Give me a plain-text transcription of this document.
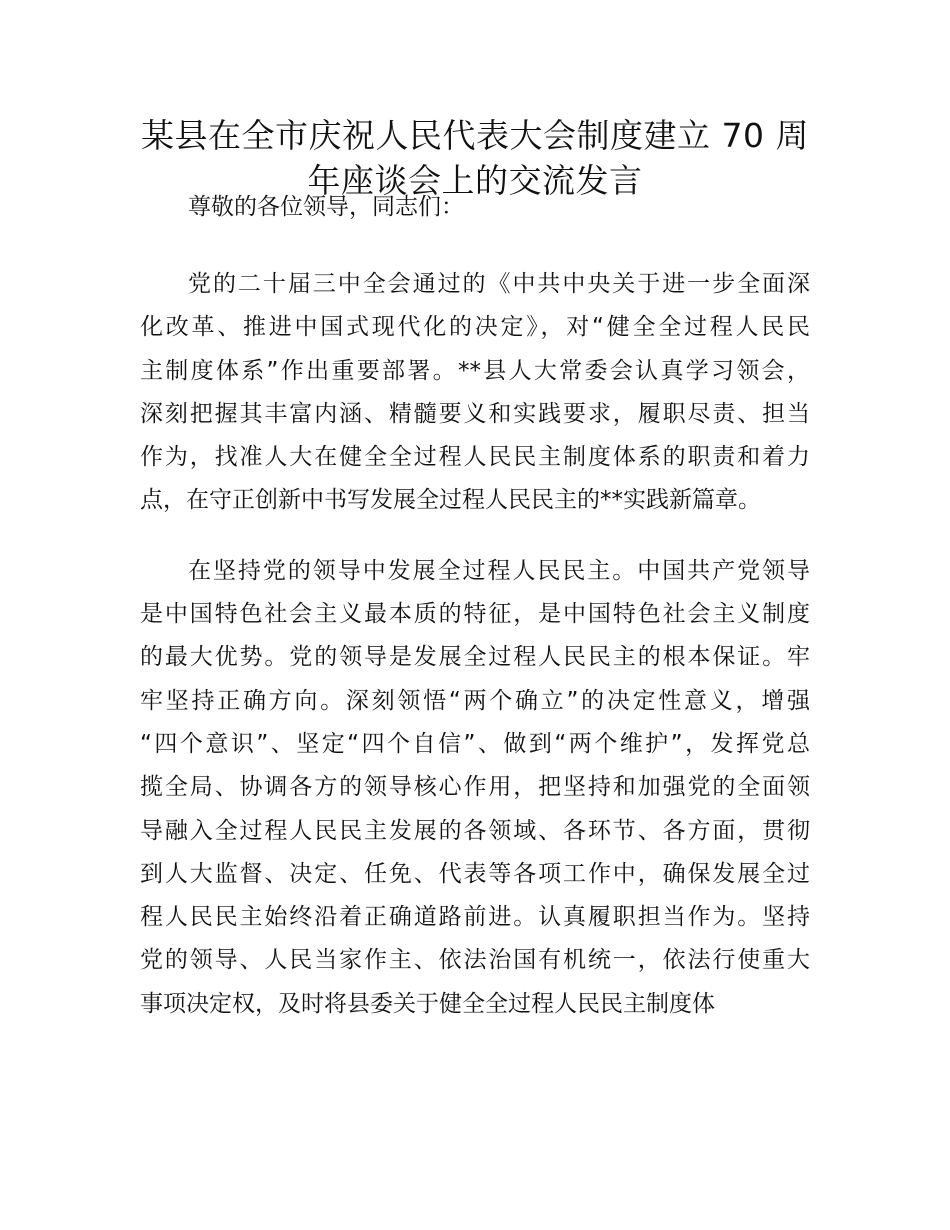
某县在全市庆祝人民代表大会制度建立 70 周
年座谈会上的交流发言

尊敬的各位领导，同志们：

党的二十届三中全会通过的《中共中央关于进一步全面深
化改革、推进中国式现代化的决定》，对“健全全过程人民民
主制度体系”作出重要部署。**县人大常委会认真学习领会，
深刻把握其丰富内涵、精髓要义和实践要求，履职尽责、担当
作为，找准人大在健全全过程人民民主制度体系的职责和着力
点，在守正创新中书写发展全过程人民民主的**实践新篇章。
在坚持党的领导中发展全过程人民民主。中国共产党领导
是中国特色社会主义最本质的特征，是中国特色社会主义制度
的最大优势。党的领导是发展全过程人民民主的根本保证。牢
牢坚持正确方向。深刻领悟“两个确立”的决定性意义，增强
“四个意识”、坚定“四个自信”、做到“两个维护”，发挥党总
揽全局、协调各方的领导核心作用，把坚持和加强党的全面领
导融入全过程人民民主发展的各领域、各环节、各方面，贯彻
到人大监督、决定、任免、代表等各项工作中，确保发展全过
程人民民主始终沿着正确道路前进。认真履职担当作为。坚持
党的领导、人民当家作主、依法治国有机统一，依法行使重大
事项决定权，及时将县委关于健全全过程人民民主制度体
